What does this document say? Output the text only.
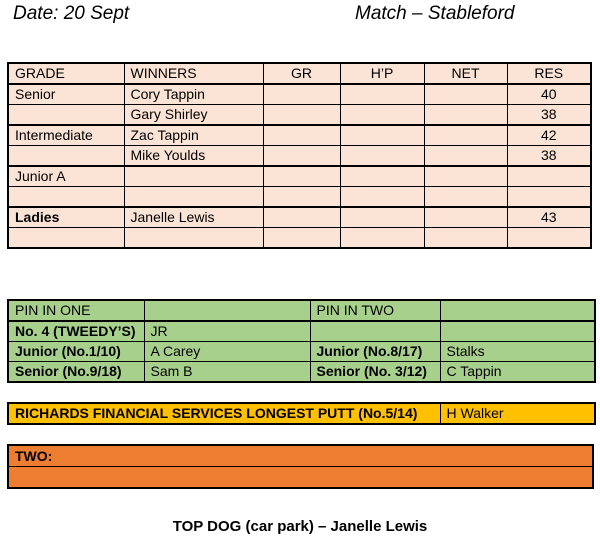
Date: 20 Sept	Match – Stableford
GRADE	WINNERS	GR	H’P	NET	RES
Senior	Cory Tappin				40
	Gary Shirley				38
Intermediate	Zac Tappin				42
	Mike Youlds				38
Junior A					

Ladies	Janelle Lewis				43

PIN IN ONE		PIN IN TWO	
No. 4 (TWEEDY’S)	JR		
Junior (No.1/10)	A Carey	Junior (No.8/17)	Stalks
Senior (No.9/18)	Sam B	Senior (No. 3/12)	C Tappin
RICHARDS FINANCIAL SERVICES LONGEST PUTT (No.5/14)	H Walker
TWO:

TOP DOG (car park) – Janelle Lewis
